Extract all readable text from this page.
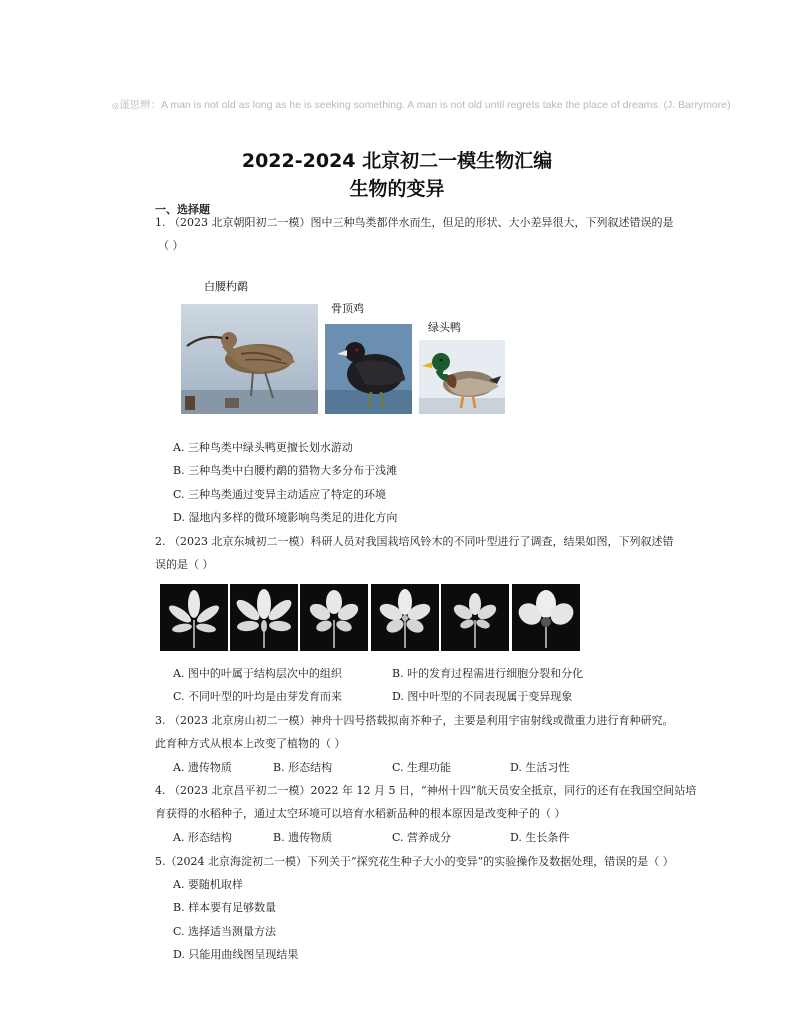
◎谨思辨：A man is not old as long as he is seeking something. A man is not old until regrets take the place of dreams. (J. Barrymore)
2022-2024 北京初二一模生物汇编
生物的变异
一、选择题
1. （2023 北京朝阳初二一模）图中三种鸟类都伴水而生，但足的形状、大小差异很大，下列叙述错误的是
（ ）
白腰杓鹬
骨顶鸡
绿头鸭
A. 三种鸟类中绿头鸭更擅长划水游动
B. 三种鸟类中白腰杓鹬的猎物大多分布于浅滩
C. 三种鸟类通过变异主动适应了特定的环境
D. 湿地内多样的微环境影响鸟类足的进化方向
2. （2023 北京东城初二一模）科研人员对我国栽培风铃木的不同叶型进行了调查，结果如图，下列叙述错
误的是（ ）
A. 图中的叶属于结构层次中的组织	B. 叶的发育过程需进行细胞分裂和分化
C. 不同叶型的叶均是由芽发育而来	D. 图中叶型的不同表现属于变异现象
3. （2023 北京房山初二一模）神舟十四号搭载拟南芥种子，主要是利用宇宙射线或微重力进行育种研究。
此育种方式从根本上改变了植物的（ ）
A. 遗传物质	B. 形态结构	C. 生理功能	D. 生活习性
4. （2023 北京昌平初二一模）2022 年 12 月 5 日，“神州十四”航天员安全抵京，同行的还有在我国空间站培
育获得的水稻种子，通过太空环境可以培育水稻新品种的根本原因是改变种子的（ ）
A. 形态结构	B. 遗传物质	C. 营养成分	D. 生长条件
5.（2024 北京海淀初二一模）下列关于“探究花生种子大小的变异”的实验操作及数据处理，错误的是（ ）
A. 要随机取样
B. 样本要有足够数量
C. 选择适当测量方法
D. 只能用曲线图呈现结果
